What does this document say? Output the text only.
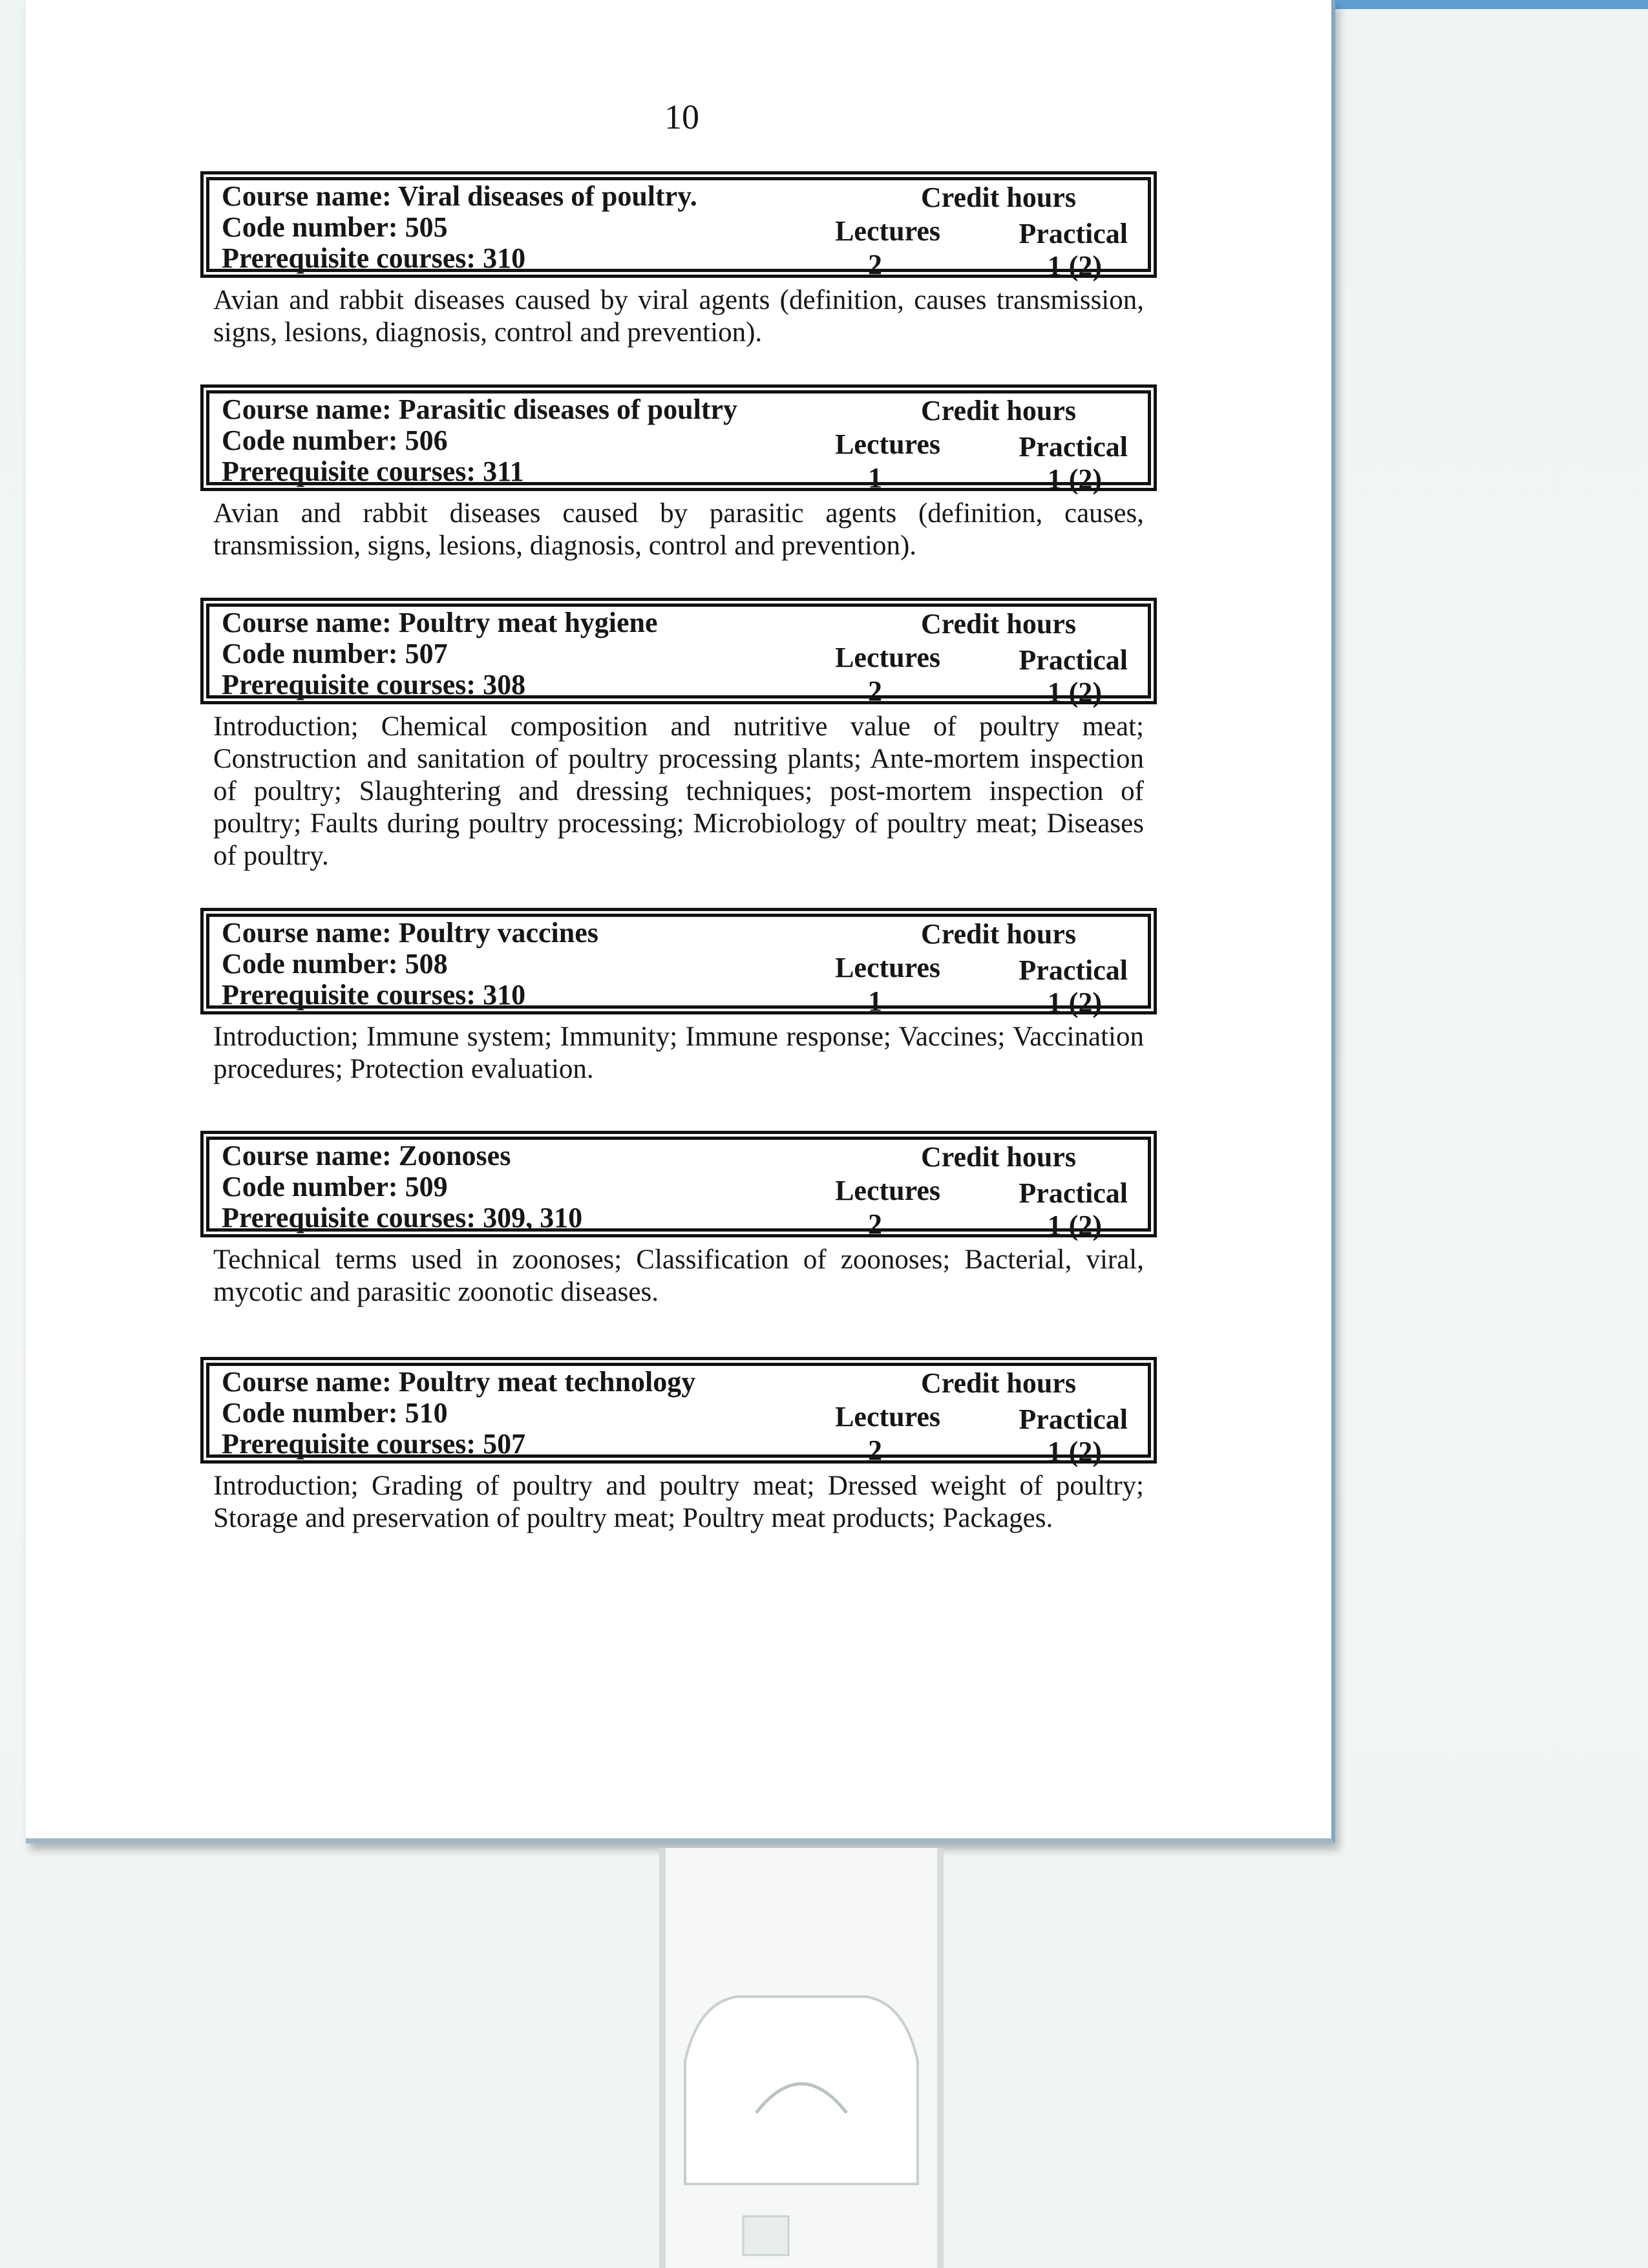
10
Course name: Viral diseases of poultry.
Code number: 505
Prerequisite courses: 310
Credit hours
Lectures	Practical
2	1 (2)
Avian and rabbit diseases caused by viral agents (definition, causes transmission, signs, lesions, diagnosis, control and prevention).
Course name: Parasitic diseases of poultry
Code number: 506
Prerequisite courses: 311
Credit hours
Lectures	Practical
1	1 (2)
Avian and rabbit diseases caused by parasitic agents (definition, causes, transmission, signs, lesions, diagnosis, control and prevention).
Course name: Poultry meat hygiene
Code number: 507
Prerequisite courses: 308
Credit hours
Lectures	Practical
2	1 (2)
Introduction; Chemical composition and nutritive value of poultry meat; Construction and sanitation of poultry processing plants; Ante-mortem inspection of poultry; Slaughtering and dressing techniques; post-mortem inspection of poultry; Faults during poultry processing; Microbiology of poultry meat; Diseases of poultry.
Course name: Poultry vaccines
Code number: 508
Prerequisite courses: 310
Credit hours
Lectures	Practical
1	1 (2)
Introduction; Immune system; Immunity; Immune response; Vaccines; Vaccination procedures; Protection evaluation.
Course name: Zoonoses
Code number: 509
Prerequisite courses: 309, 310
Credit hours
Lectures	Practical
2	1 (2)
Technical terms used in zoonoses; Classification of zoonoses; Bacterial, viral, mycotic and parasitic zoonotic diseases.
Course name: Poultry meat technology
Code number: 510
Prerequisite courses: 507
Credit hours
Lectures	Practical
2	1 (2)
Introduction; Grading of poultry and poultry meat; Dressed weight of poultry; Storage and preservation of poultry meat; Poultry meat products; Packages.
